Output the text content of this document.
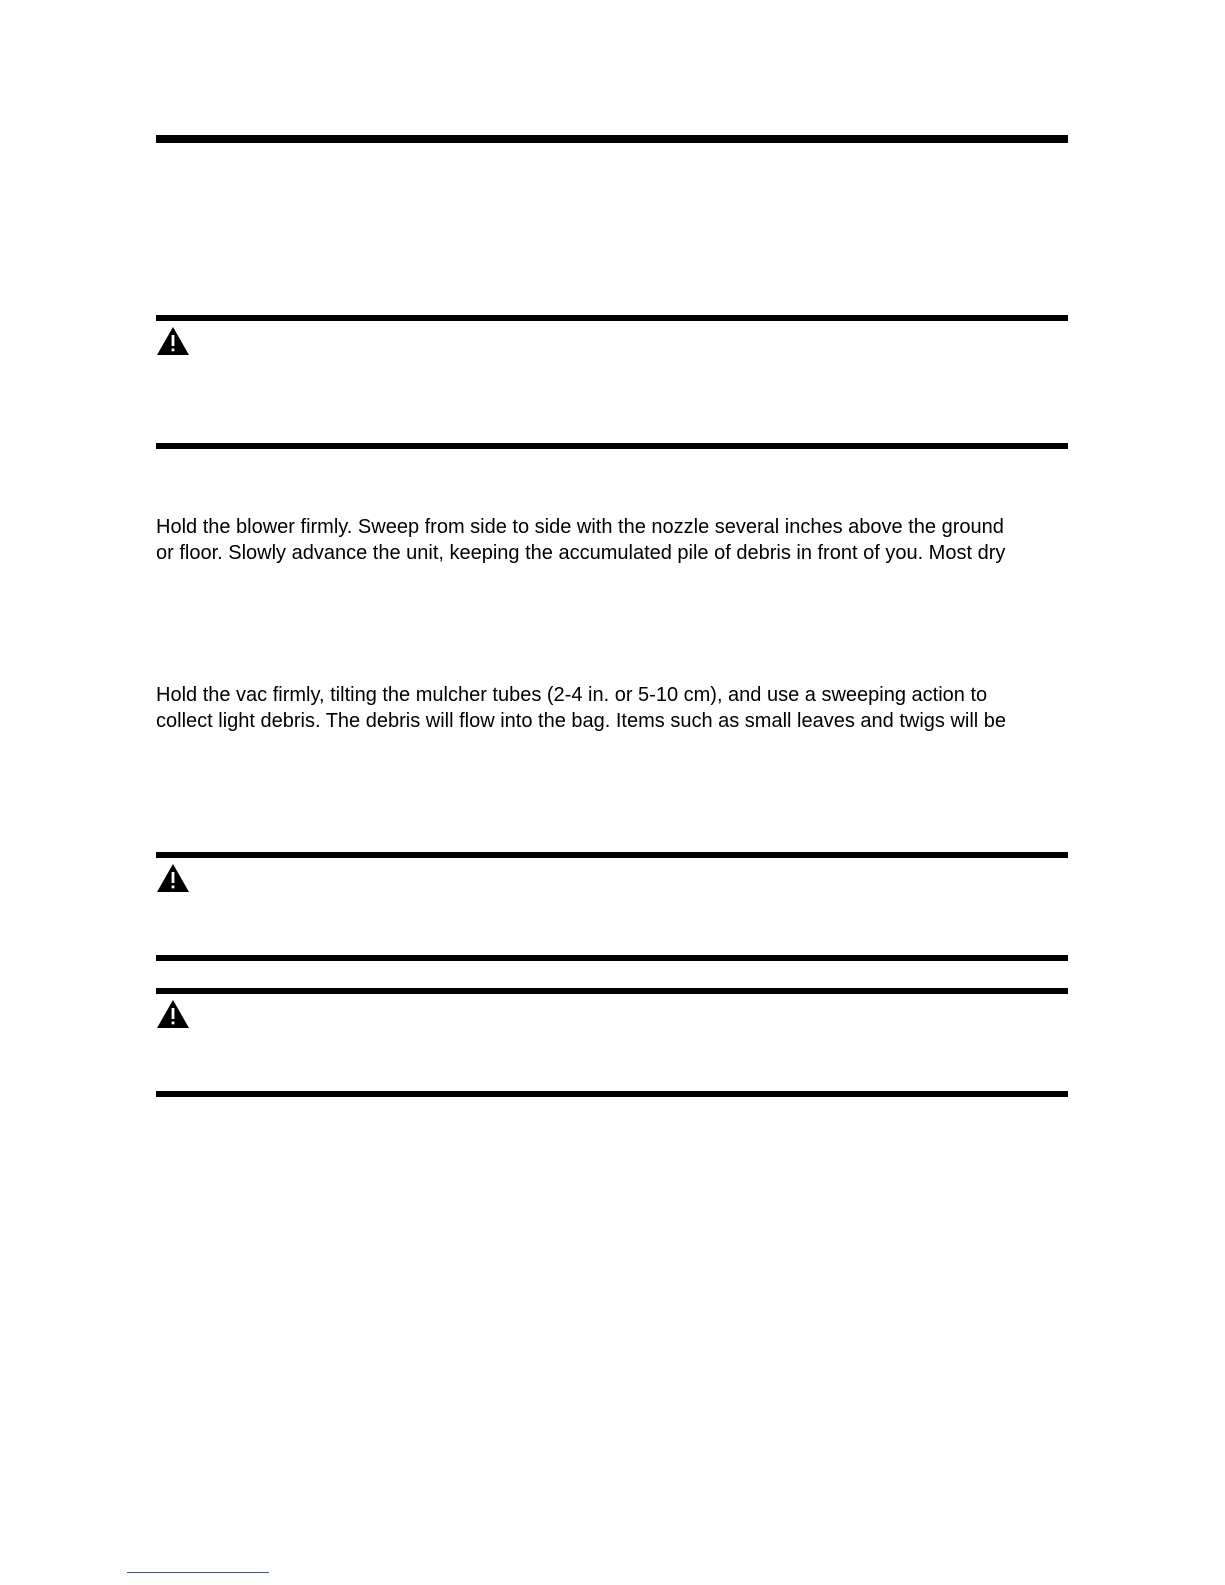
Hold the blower firmly. Sweep from side to side with the nozzle several inches above the ground
or floor. Slowly advance the unit, keeping the accumulated pile of debris in front of you. Most dry
Hold the vac firmly, tilting the mulcher tubes (2-4 in. or 5-10 cm), and use a sweeping action to
collect light debris. The debris will flow into the bag. Items such as small leaves and twigs will be
